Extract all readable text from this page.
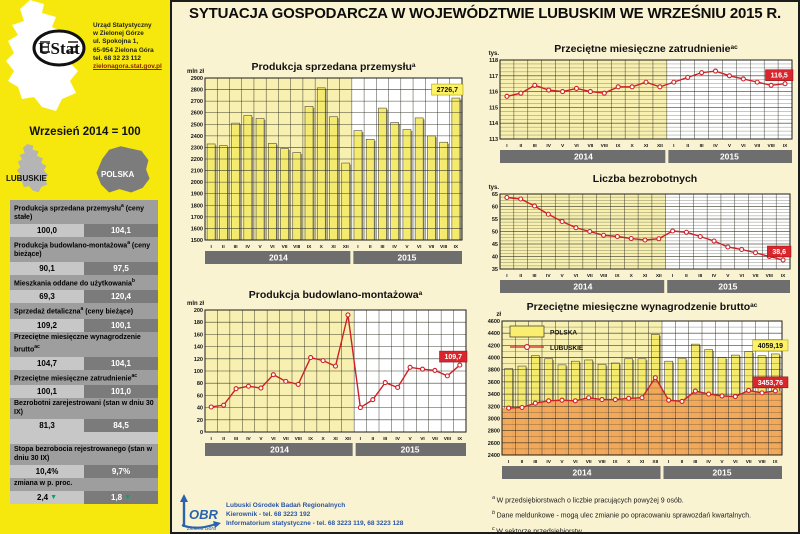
UStat
Urząd Statystyczny
w Zielonej Górze
ul. Spokojna 1,
65-954 Zielona Góra
tel. 68 32 23 112
zielonagora.stat.gov.pl
Wrzesień 2014 = 100
LUBUSKIE	POLSKA
Produkcja sprzedana przemysłu$^a$ (ceny stałe)
100,0	104,1
Produkcja budowlano-montażowa$^a$ (ceny bieżące)
90,1	97,5
Mieszkania oddane do użytkowania$^b$
69,3	120,4
Sprzedaż detaliczna$^a$ (ceny bieżące)
109,2	100,1
Przeciętne miesięczne wynagrodzenie brutto$^{ac}$
104,7	104,1
Przeciętne miesięczne zatrudnienie$^{ac}$
100,1	101,0
Bezrobotni zarejestrowani (stan w dniu 30 IX)
81,3	84,5
Stopa bezrobocia rejestrowanego (stan w dniu 30 IX)
10,4%	9,7%
zmiana w p. proc.
2,4 ▼	1,8 ▼
SYTUACJA GOSPODARCZA W WOJEWÓDZTWIE LUBUSKIM WE WRZEŚNIU 2015 R.
1500
1600
1700
1800
1900
2000
2100
2200
2300
2400
2500
2600
2700
2800
2900
Produkcja sprzedana przemysłu$^a$
mln zł
I II III IV V VI VII VIII IX X XI XII I II III IV V VI VII VIII IX
2014	2015
2726,7
0
20
40
60
80
100
120
140
160
180
200
Produkcja budowlano-montażowa$^a$
mln zł
I II III IV V VI VII VIII IX X XI XII I II III IV V VI VII VIII IX
2014	2015
109,7
113
114
115
116
117
118
Przeciętne miesięczne zatrudnienie$^{ac}$
tys.
I II III IV V VI VII VIII IX X XI XII I II III IV V VI VII VIII IX
2014	2015
116,5
35
40
45
50
55
60
65
Liczba bezrobotnych
tys.
I II III IV V VI VII VIII IX X XI XII I II III IV V VI VII VIII IX
2014	2015
38,6
2400
2600
2800
3000
3200
3400
3600
3800
4000
4200
4400
4600
Przeciętne miesięczne wynagrodzenie brutto$^{ac}$
zł
I II III IV V VI VII VIII IX X XI XII I II III IV V VI VII VIII IX
2014	2015
POLSKA
LUBUSKIE	4059,19
3453,76
OBR
Zielona Góra
Lubuski Ośrodek Badań Regionalnych
Kierownik - tel. 68 3223 192
Informatorium statystyczne - tel. 68 3223 119, 68 3223 128
$^a$ W przedsiębiorstwach o liczbie pracujących powyżej 9 osób.
$^b$ Dane meldunkowe - mogą ulec zmianie po opracowaniu sprawozdań kwartalnych.
$^c$ W sektorze przedsiębiorstw.
